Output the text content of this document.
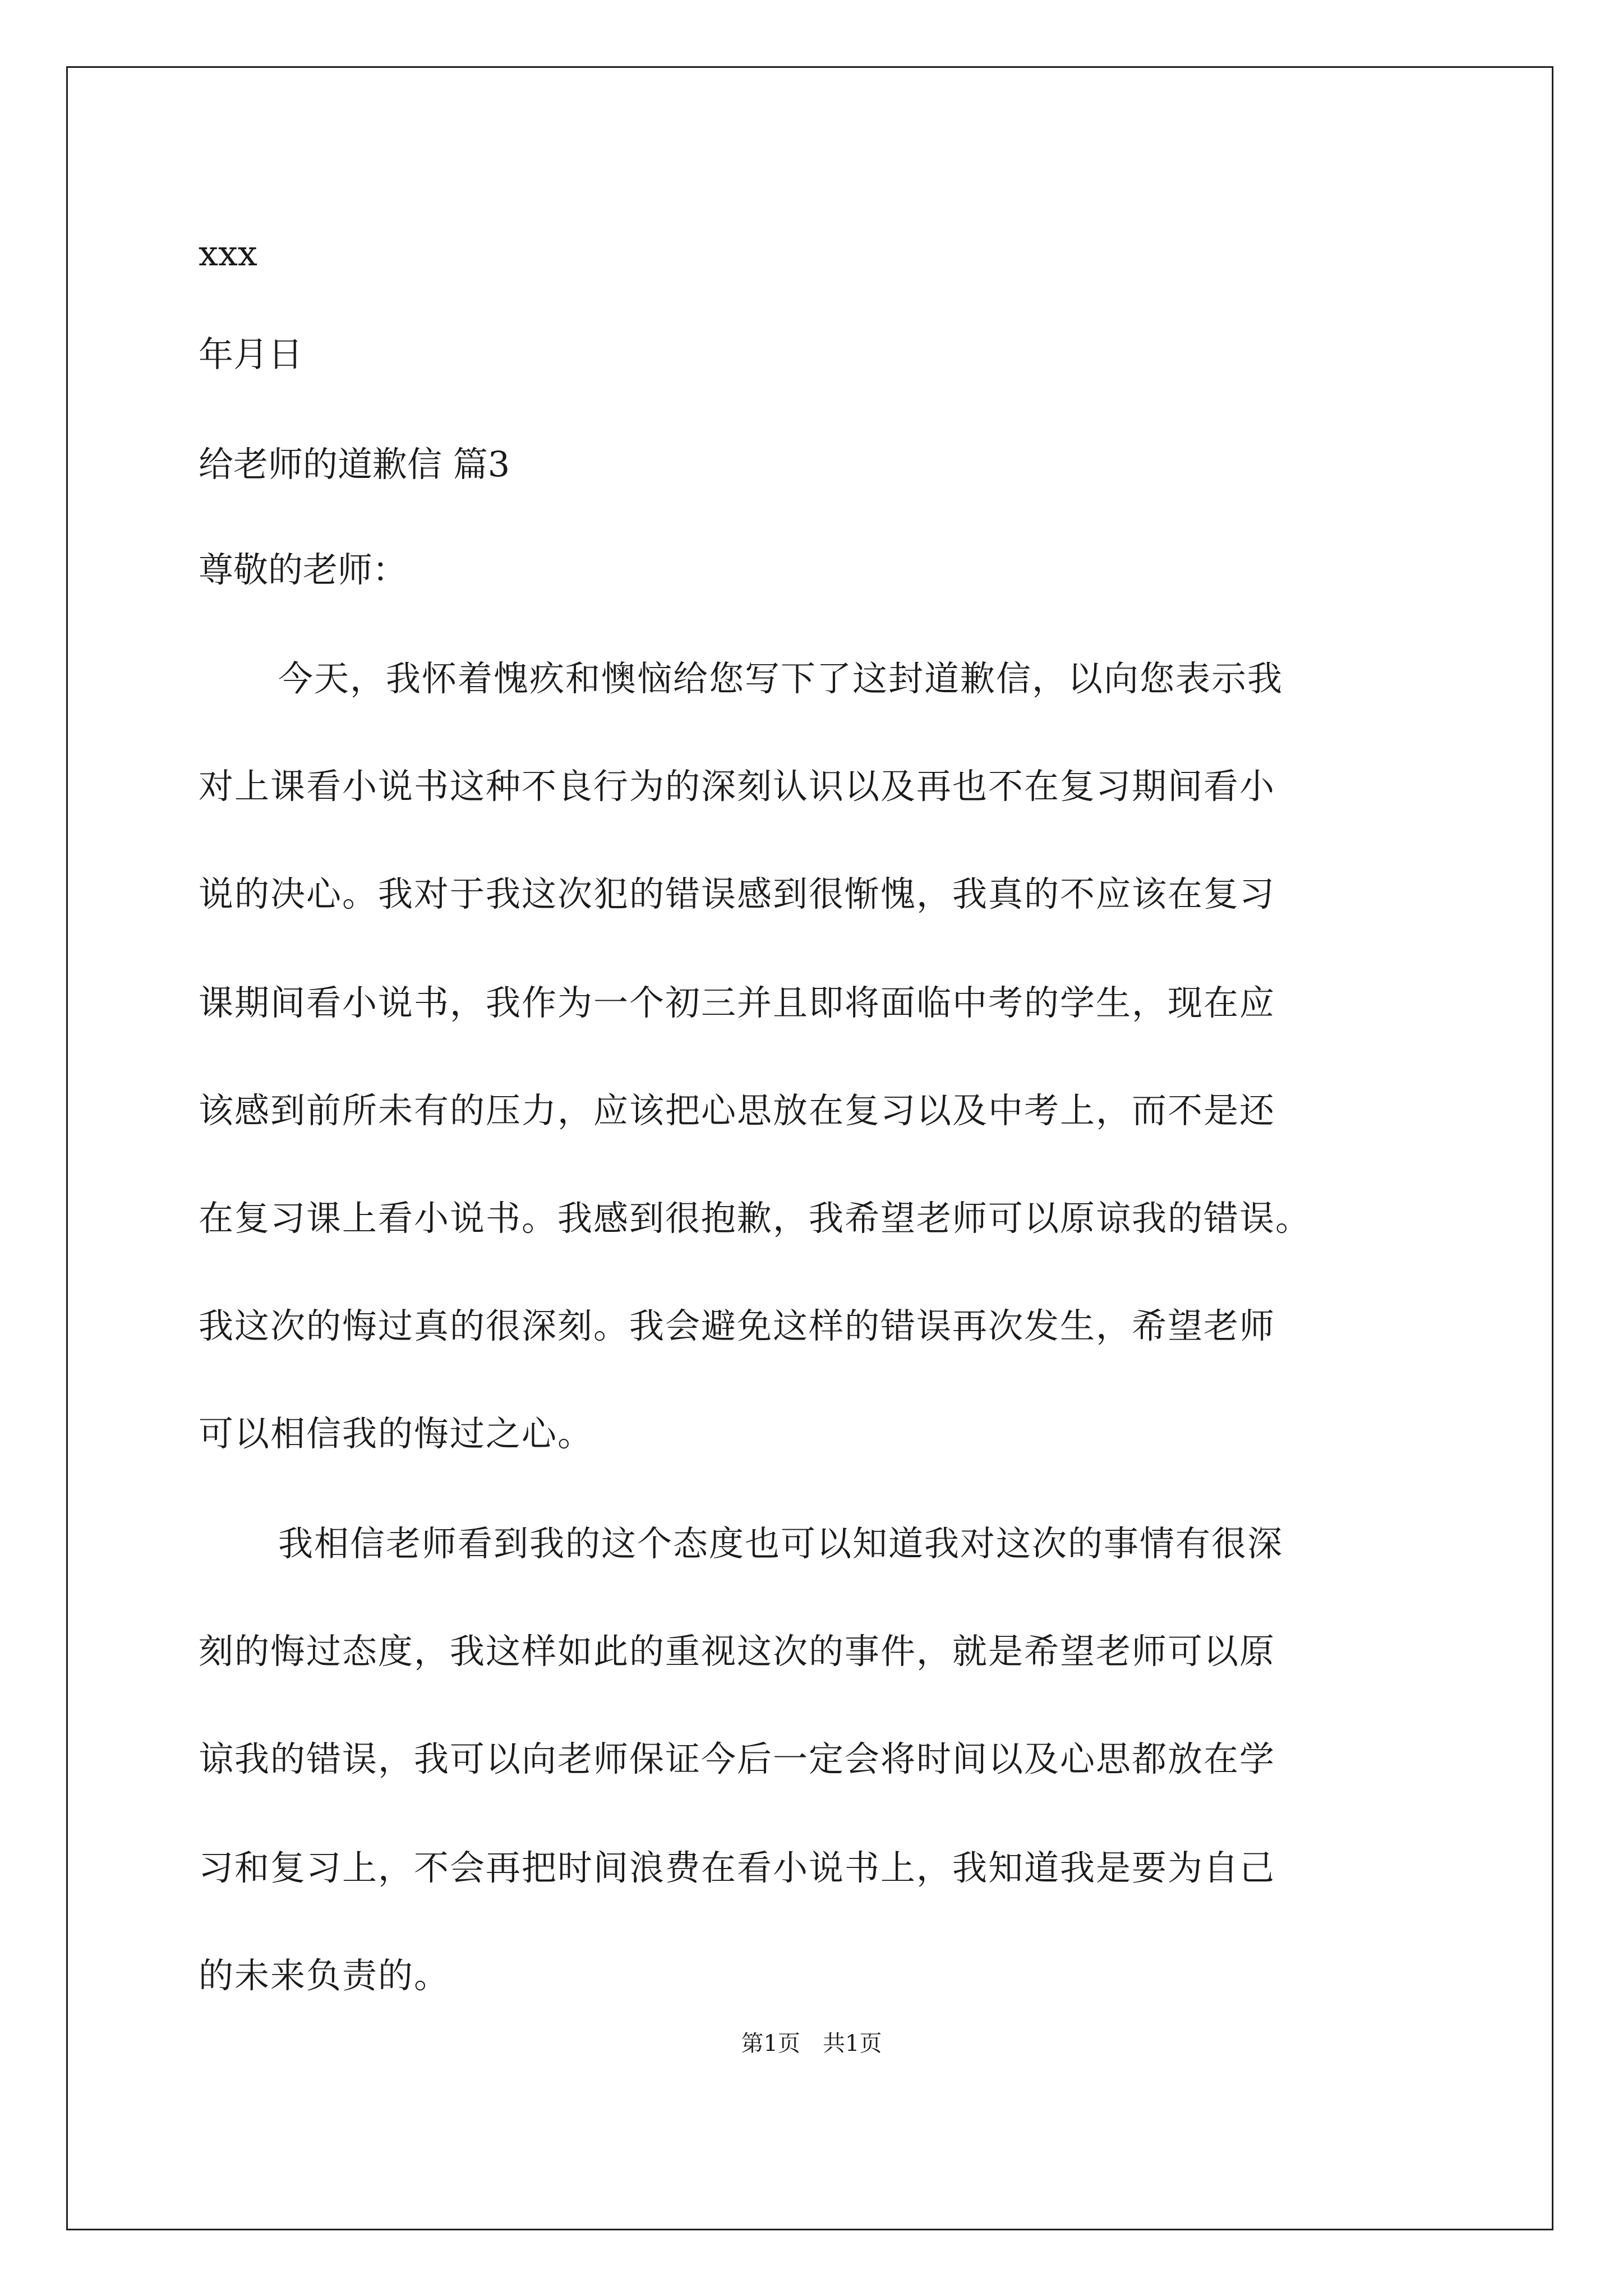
xxx
年月日
给老师的道歉信 篇3
尊敬的老师：
今天，我怀着愧疚和懊恼给您写下了这封道歉信，以向您表示我
对上课看小说书这种不良行为的深刻认识以及再也不在复习期间看小
说的决心。我对于我这次犯的错误感到很惭愧，我真的不应该在复习
课期间看小说书，我作为一个初三并且即将面临中考的学生，现在应
该感到前所未有的压力，应该把心思放在复习以及中考上，而不是还
在复习课上看小说书。我感到很抱歉，我希望老师可以原谅我的错误。
我这次的悔过真的很深刻。我会避免这样的错误再次发生，希望老师
可以相信我的悔过之心。
我相信老师看到我的这个态度也可以知道我对这次的事情有很深
刻的悔过态度，我这样如此的重视这次的事件，就是希望老师可以原
谅我的错误，我可以向老师保证今后一定会将时间以及心思都放在学
习和复习上，不会再把时间浪费在看小说书上，我知道我是要为自己
的未来负责的。
第1页　共1页
